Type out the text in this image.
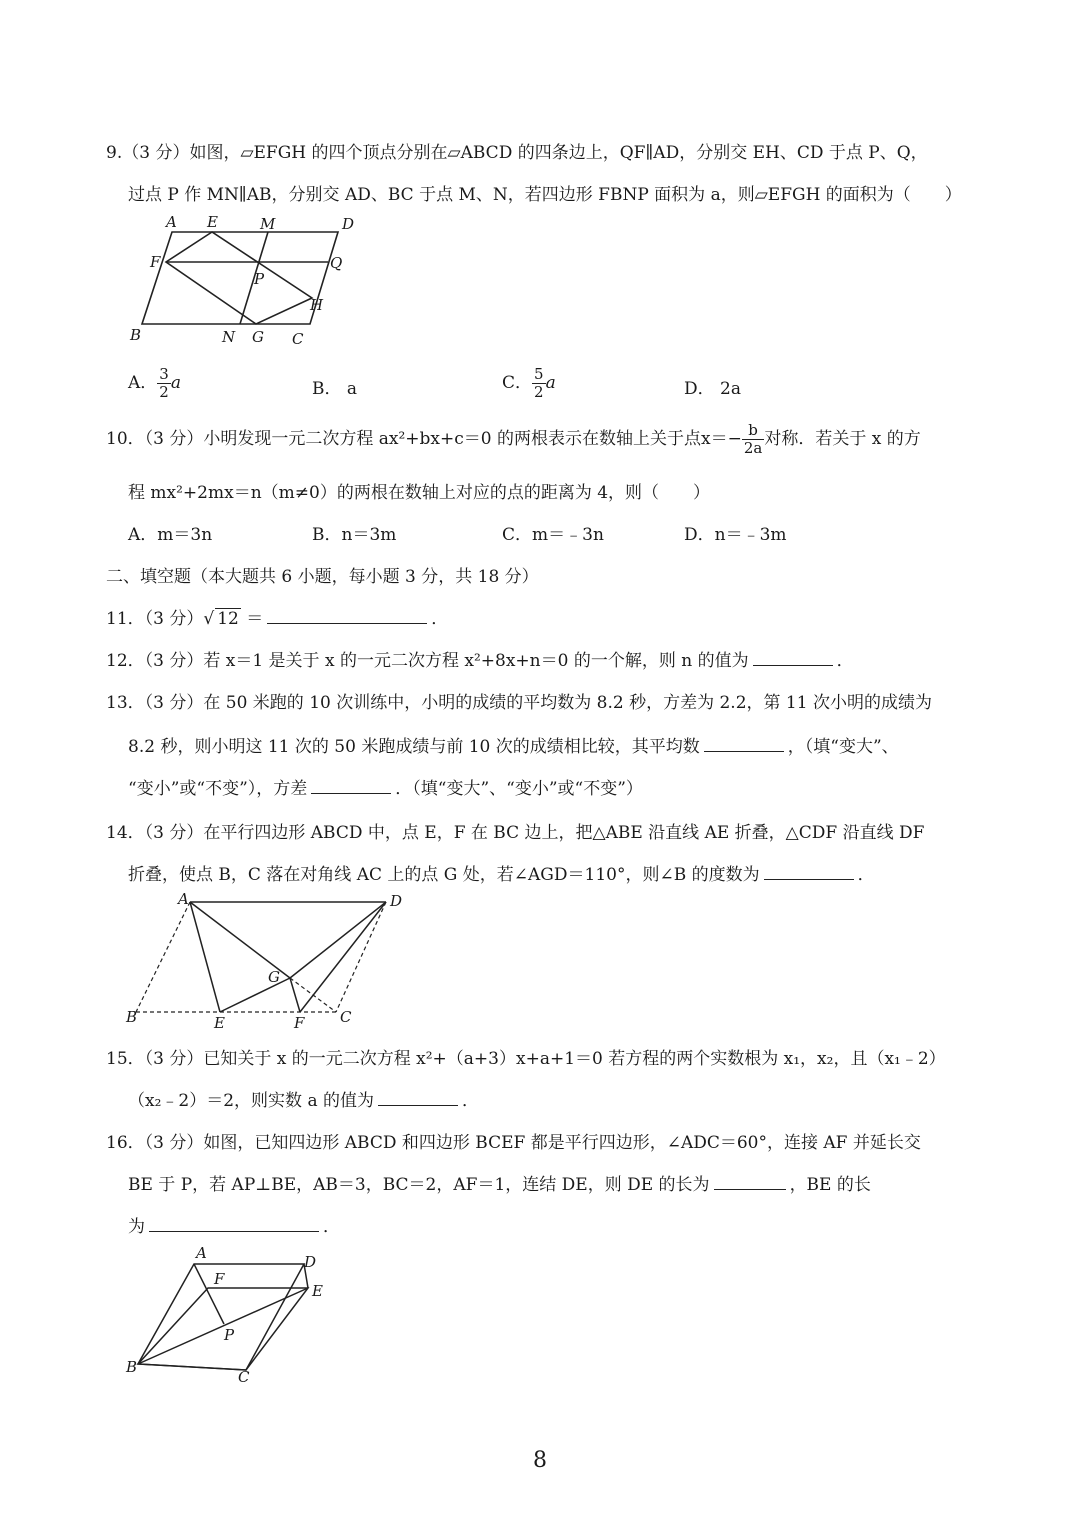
9.（3 分）如图，▱EFGH 的四个顶点分别在▱ABCD 的四条边上，QF∥AD，分别交 EH、CD 于点 P、Q，
过点 P 作 MN∥AB，分别交 AD、BC 于点 M、N，若四边形 FBNP 面积为 a，则▱EFGH 的面积为（　　）
A E	M	D
F	Q
P
H
B	N G C
A． $\frac{3}{2}$ a	B． a	C． $\frac{5}{2}$ a	D． 2a
10．（3 分）小明发现一元二次方程 ax²+bx+c＝0 的两根表示在数轴上关于点$x=- \frac{b}{2a}$ 对称．若关于 x 的方
程 mx²+2mx＝n（m≠0）的两根在数轴上对应的点的距离为 4，则（　　）
A．m＝3n	B．n＝3m	C．m＝﹣3n	D．n＝﹣3m
二、填空题（本大题共 6 小题，每小题 3 分，共 18 分）
11．（3 分）√ 12 ＝	．
12．（3 分）若 x＝1 是关于 x 的一元二次方程 x²+8x+n＝0 的一个解，则 n 的值为	．
13．（3 分）在 50 米跑的 10 次训练中，小明的成绩的平均数为 8.2 秒，方差为 2.2，第 11 次小明的成绩为
8.2 秒，则小明这 11 次的 50 米跑成绩与前 10 次的成绩相比较，其平均数	，（填“变大”、
“变小”或“不变”），方差	．（填“变大”、“变小”或“不变”）
14．（3 分）在平行四边形 ABCD 中，点 E，F 在 BC 边上，把△ABE 沿直线 AE 折叠，△CDF 沿直线 DF
折叠，使点 B，C 落在对角线 AC 上的点 G 处，若∠AGD＝110°，则∠B 的度数为	．
A	D
G
B	E	F C
15．（3 分）已知关于 x 的一元二次方程 x²+（a+3）x+a+1＝0 若方程的两个实数根为 x₁，x₂，且（x₁﹣2）
（x₂﹣2）＝2，则实数 a 的值为	．
16．（3 分）如图，已知四边形 ABCD 和四边形 BCEF 都是平行四边形，∠ADC＝60°，连接 AF 并延长交
BE 于 P，若 AP⊥BE，AB＝3，BC＝2，AF＝1，连结 DE，则 DE 的长为	，BE 的长
为	．
A	D
F
E
P
B
C
8
